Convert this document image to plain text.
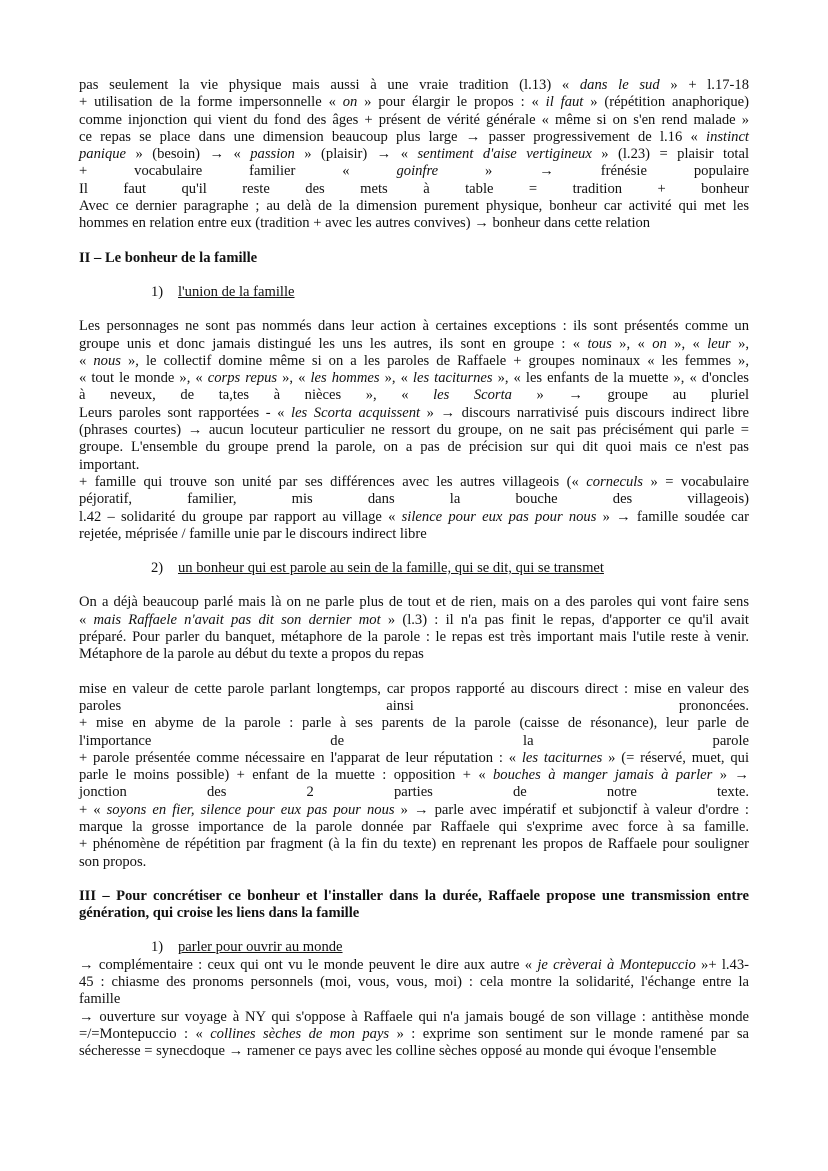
pas seulement la vie physique mais aussi à une vraie tradition (l.13) « dans le sud » + l.17-18
+ utilisation de la forme impersonnelle « on » pour élargir le propos : « il faut » (répétition anaphorique)
comme injonction qui vient du fond des âges + présent de vérité générale « même si on s'en rend malade »
ce repas se place dans une dimension beaucoup plus large → passer progressivement de l.16 « instinct
panique » (besoin) → « passion » (plaisir) → « sentiment d'aise vertigineux » (l.23) = plaisir total
+ vocabulaire familier « goinfre » → frénésie populaire
Il faut qu'il reste des mets à table = tradition + bonheur
Avec ce dernier paragraphe ; au delà de la dimension purement physique, bonheur car activité qui met les
hommes en relation entre eux (tradition + avec les autres convives) → bonheur dans cette relation

II – Le bonheur de la famille

1) l'union de la famille

Les personnages ne sont pas nommés dans leur action à certaines exceptions : ils sont présentés comme un
groupe unis et donc jamais distingué les uns les autres, ils sont en groupe : « tous », « on », « leur »,
« nous », le collectif domine même si on a les paroles de Raffaele + groupes nominaux « les femmes »,
« tout le monde », « corps repus », « les hommes », « les taciturnes », « les enfants de la muette », « d'oncles
à neveux, de ta,tes à nièces », « les Scorta » → groupe au pluriel
Leurs paroles sont rapportées - « les Scorta acquissent » → discours narrativisé puis discours indirect libre
(phrases courtes) → aucun locuteur particulier ne ressort du groupe, on ne sait pas précisément qui parle =
groupe. L'ensemble du groupe prend la parole, on a pas de précision sur qui dit quoi mais ce n'est pas
important.
+ famille qui trouve son unité par ses différences avec les autres villageois (« corneculs » = vocabulaire
péjoratif, familier, mis dans la bouche des villageois)
l.42 – solidarité du groupe par rapport au village « silence pour eux pas pour nous » → famille soudée car
rejetée, méprisée / famille unie par le discours indirect libre

2) un bonheur qui est parole au sein de la famille, qui se dit, qui se transmet

On a déjà beaucoup parlé mais là on ne parle plus de tout et de rien, mais on a des paroles qui vont faire sens
« mais Raffaele n'avait pas dit son dernier mot » (l.3) : il n'a pas finit le repas, d'apporter ce qu'il avait
préparé. Pour parler du banquet, métaphore de la parole : le repas est très important mais l'utile reste à venir.
Métaphore de la parole au début du texte a propos du repas

mise en valeur de cette parole parlant longtemps, car propos rapporté au discours direct : mise en valeur des
paroles ainsi prononcées.
+ mise en abyme de la parole : parle à ses parents de la parole (caisse de résonance), leur parle de
l'importance de la parole
+ parole présentée comme nécessaire en l'apparat de leur réputation : « les taciturnes » (= réservé, muet, qui
parle le moins possible) + enfant de la muette : opposition + « bouches à manger jamais à parler » →
jonction des 2 parties de notre texte.
+ « soyons en fier, silence pour eux pas pour nous » → parle avec impératif et subjonctif à valeur d'ordre :
marque la grosse importance de la parole donnée par Raffaele qui s'exprime avec force à sa famille.
+ phénomène de répétition par fragment (à la fin du texte) en reprenant les propos de Raffaele pour souligner
son propos.

III – Pour concrétiser ce bonheur et l'installer dans la durée, Raffaele propose une transmission entre
génération, qui croise les liens dans la famille

1) parler pour ouvrir au monde

→ complémentaire : ceux qui ont vu le monde peuvent le dire aux autre « je crèverai à Montepuccio »+ l.43-
45 : chiasme des pronoms personnels (moi, vous, vous, moi) : cela montre la solidarité, l'échange entre la
famille
→ ouverture sur voyage à NY qui s'oppose à Raffaele qui n'a jamais bougé de son village : antithèse monde
=/=Montepuccio : « collines sèches de mon pays » : exprime son sentiment sur le monde ramené par sa
sécheresse = synecdoque → ramener ce pays avec les colline sèches opposé au monde qui évoque l'ensemble
